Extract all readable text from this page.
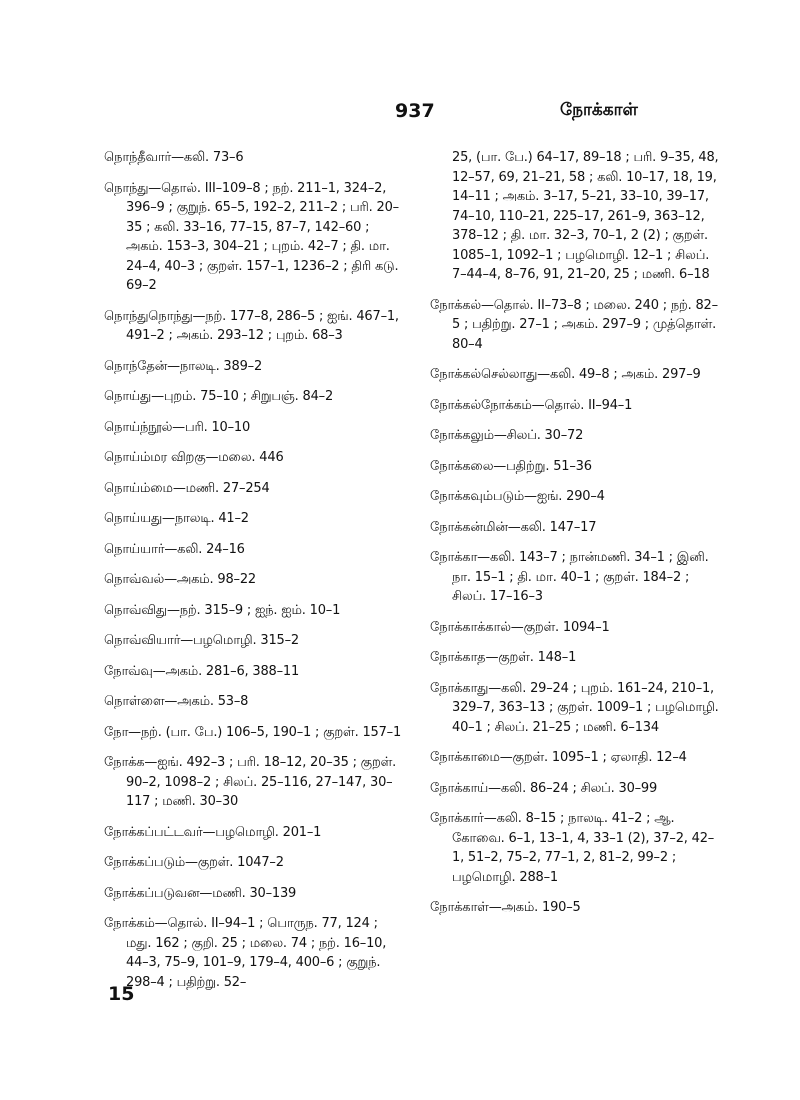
937	நோக்காள்

நொந்தீவார்—கலி. 73–6

நொந்து—தொல். III–109–8 ; நற். 211–1, 324–2, 396–9 ; குறுந். 65–5, 192–2, 211–2 ; பரி. 20–35 ; கலி. 33–16, 77–15, 87–7, 142–60 ; அகம். 153–3, 304–21 ; புறம். 42–7 ; தி. மா. 24–4, 40–3 ; குறள். 157–1, 1236–2 ; திரி கடு. 69–2

நொந்துநொந்து—நற். 177–8, 286–5 ; ஐங். 467–1, 491–2 ; அகம். 293–12 ; புறம். 68–3

நொந்தேன்—நாலடி. 389–2

நொய்து—புறம். 75–10 ; சிறுபஞ். 84–2

நொய்ந்நூல்—பரி. 10–10

நொய்ம்மர விறகு—மலை. 446

நொய்ம்மை—மணி. 27–254

நொய்யது—நாலடி. 41–2

நொய்யார்—கலி. 24–16

நொவ்வல்—அகம். 98–22

நொவ்விது—நற். 315–9 ; ஐந். ஐம். 10–1

நொவ்வியார்—பழமொழி. 315–2

நோவ்வு—அகம். 281–6, 388–11

நொள்ளை—அகம். 53–8

நோ—நற். (பா. பே.) 106–5, 190–1 ; குறள். 157–1

நோக்க—ஐங். 492–3 ; பரி. 18–12, 20–35 ; குறள். 90–2, 1098–2 ; சிலப். 25–116, 27–147, 30–117 ; மணி. 30–30

நோக்கப்பட்டவர்—பழமொழி. 201–1

நோக்கப்படும்—குறள். 1047–2

நோக்கப்படுவன—மணி. 30–139

நோக்கம்—தொல். II–94–1 ; பொருந. 77, 124 ; மது. 162 ; குறி. 25 ; மலை. 74 ; நற். 16–10, 44–3, 75–9, 101–9, 179–4, 400–6 ; குறுந். 298–4 ; பதிற்று. 52–

25, (பா. பே.) 64–17, 89–18 ; பரி. 9–35, 48, 12–57, 69, 21–21, 58 ; கலி. 10–17, 18, 19, 14–11 ; அகம். 3–17, 5–21, 33–10, 39–17, 74–10, 110–21, 225–17, 261–9, 363–12, 378–12 ; தி. மா. 32–3, 70–1, 2 (2) ; குறள். 1085–1, 1092–1 ; பழமொழி. 12–1 ; சிலப். 7–44–4, 8–76, 91, 21–20, 25 ; மணி. 6–18

நோக்கல்—தொல். II–73–8 ; மலை. 240 ; நற். 82–5 ; பதிற்று. 27–1 ; அகம். 297–9 ; முத்தொள். 80–4

நோக்கல்செல்லாது—கலி. 49–8 ; அகம். 297–9

நோக்கல்நோக்கம்—தொல். II–94–1

நோக்கலும்—சிலப். 30–72

நோக்கலை—பதிற்று. 51–36

நோக்கவும்படும்—ஐங். 290–4

நோக்கன்மின்—கலி. 147–17

நோக்கா—கலி. 143–7 ; நான்மணி. 34–1 ; இனி. நா. 15–1 ; தி. மா. 40–1 ; குறள். 184–2 ; சிலப். 17–16–3

நோக்காக்கால்—குறள். 1094–1

நோக்காத—குறள். 148–1

நோக்காது—கலி. 29–24 ; புறம். 161–24, 210–1, 329–7, 363–13 ; குறள். 1009–1 ; பழமொழி. 40–1 ; சிலப். 21–25 ; மணி. 6–134

நோக்காமை—குறள். 1095–1 ; ஏலாதி. 12–4

நோக்காய்—கலி. 86–24 ; சிலப். 30–99

நோக்கார்—கலி. 8–15 ; நாலடி. 41–2 ; ஆ. கோவை. 6–1, 13–1, 4, 33–1 (2), 37–2, 42–1, 51–2, 75–2, 77–1, 2, 81–2, 99–2 ; பழமொழி. 288–1

நோக்காள்—அகம். 190–5

15
